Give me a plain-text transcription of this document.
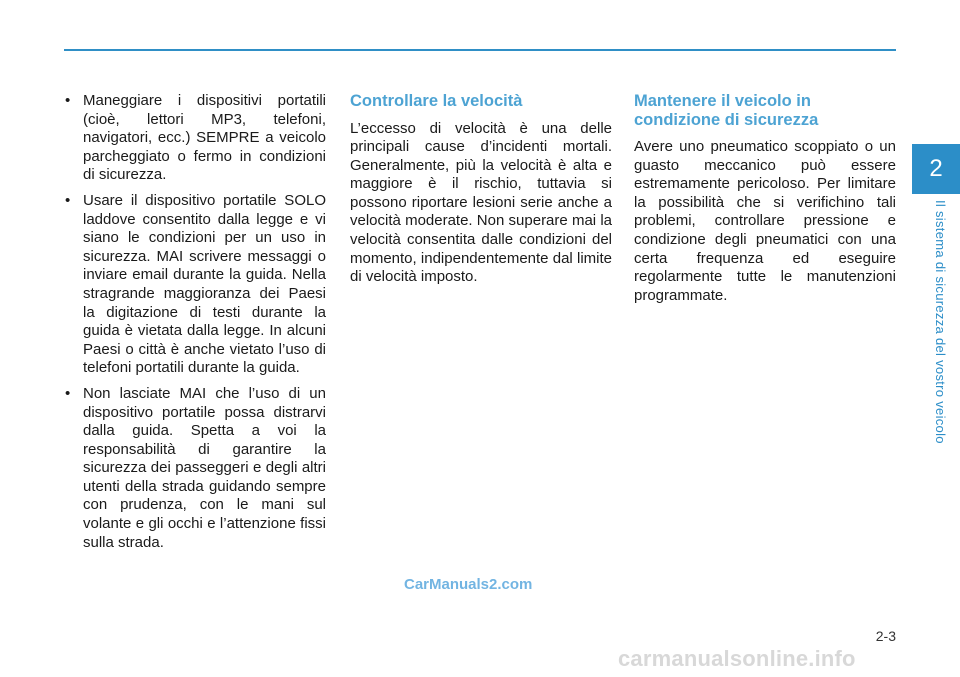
• Maneggiare i dispositivi portatili (cioè, lettori MP3, telefoni, navigatori, ecc.) SEMPRE a veicolo parcheggiato o fermo in condizioni di sicurezza.
• Usare il dispositivo portatile SOLO laddove consentito dalla legge e vi siano le condizioni per un uso in sicurezza. MAI scrivere messaggi o inviare email durante la guida. Nella stragrande maggioranza dei Paesi la digitazione di testi durante la guida è vietata dalla legge. In alcuni Paesi o città è anche vietato l’uso di telefoni portatili durante la guida.
• Non lasciate MAI che l’uso di un dispositivo portatile possa distrarvi dalla guida. Spetta a voi la responsabilità di garantire la sicurezza dei passeggeri e degli altri utenti della strada guidando sempre con prudenza, con le mani sul volante e gli occhi e l’attenzione fissi sulla strada.
Controllare la velocità

L’eccesso di velocità è una delle principali cause d’incidenti mortali. Generalmente, più la velocità è alta e maggiore è il rischio, tuttavia si possono riportare lesioni serie anche a velocità moderate. Non superare mai la velocità consentita dalle condizioni del momento, indipendentemente dal limite di velocità imposto.

Mantenere il veicolo in condizione di sicurezza

Avere uno pneumatico scoppiato o un guasto meccanico può essere estremamente pericoloso. Per limitare la possibilità che si verifichino tali problemi, controllare pressione e condizione degli pneumatici con una certa frequenza ed eseguire regolarmente tutte le manutenzioni programmate.

2
Il sistema di sicurezza del vostro veicolo
CarManuals2.com
2-3
carmanualsonline.info
